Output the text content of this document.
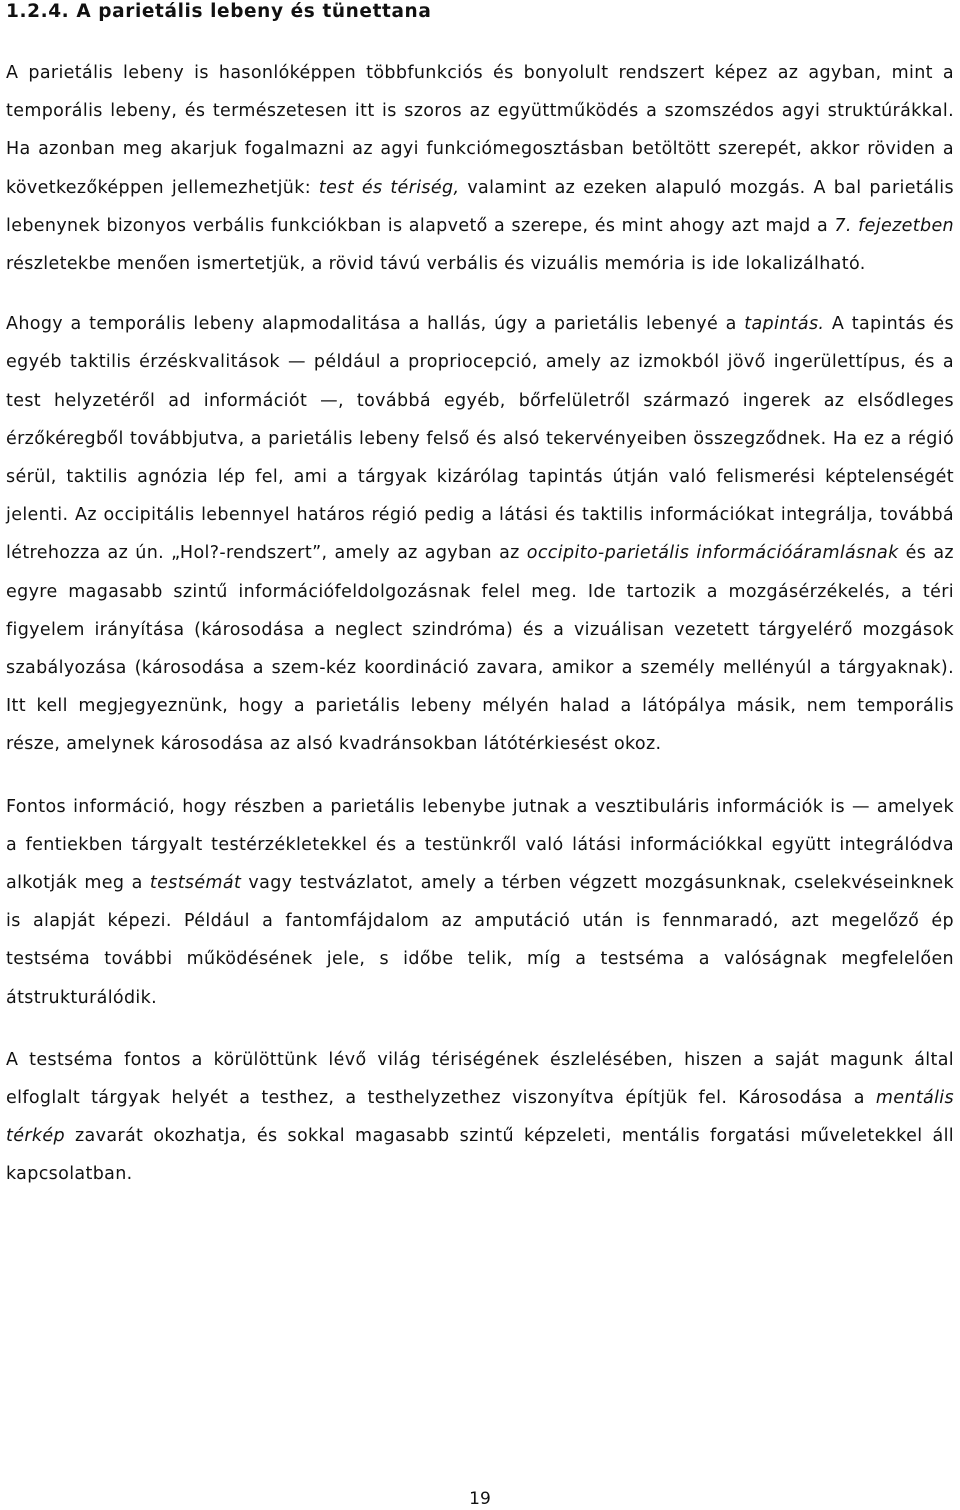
1.2.4. A parietális lebeny és tünettana

A parietális lebeny is hasonlóképpen többfunkciós és bonyolult rendszert képez az agyban, mint a temporális lebeny, és természetesen itt is szoros az együttműködés a szomszédos agyi struktúrákkal. Ha azonban meg akarjuk fogalmazni az agyi funkciómegosztásban betöltött szerepét, akkor röviden a következőképpen jellemezhetjük: test és tériség, valamint az ezeken alapuló mozgás. A bal parietális lebenynek bizonyos verbális funkciókban is alapvető a szerepe, és mint ahogy azt majd a 7. fejezetben részletekbe menően ismertetjük, a rövid távú verbális és vizuális memória is ide lokalizálható.

Ahogy a temporális lebeny alapmodalitása a hallás, úgy a parietális lebenyé a tapintás. A tapintás és egyéb taktilis érzéskvalitások — például a propriocepció, amely az izmokból jövő ingerülettípus, és a test helyzetéről ad információt —, továbbá egyéb, bőrfelületről származó ingerek az elsődleges érzőkéregből továbbjutva, a parietális lebeny felső és alsó tekervényeiben összegződnek. Ha ez a régió sérül, taktilis agnózia lép fel, ami a tárgyak kizárólag tapintás útján való felismerési képtelenségét jelenti. Az occipitális lebennyel határos régió pedig a látási és taktilis információkat integrálja, továbbá létrehozza az ún. „Hol?-rendszert”, amely az agyban az occipito-parietális információáramlásnak és az egyre magasabb szintű információfeldolgozásnak felel meg. Ide tartozik a mozgásérzékelés, a téri figyelem irányítása (károsodása a neglect szindróma) és a vizuálisan vezetett tárgyelérő mozgások szabályozása (károsodása a szem-kéz koordináció zavara, amikor a személy mellényúl a tárgyaknak). Itt kell megjegyeznünk, hogy a parietális lebeny mélyén halad a látópálya másik, nem temporális része, amelynek károsodása az alsó kvadránsokban látótérkiesést okoz.

Fontos információ, hogy részben a parietális lebenybe jutnak a vesztibuláris információk is — amelyek a fentiekben tárgyalt testérzékletekkel és a testünkről való látási információkkal együtt integrálódva alkotják meg a testsémát vagy testvázlatot, amely a térben végzett mozgásunknak, cselekvéseinknek is alapját képezi. Például a fantomfájdalom az amputáció után is fennmaradó, azt megelőző ép testséma további működésének jele, s időbe telik, míg a testséma a valóságnak megfelelően átstrukturálódik.

A testséma fontos a körülöttünk lévő világ tériségének észlelésében, hiszen a saját magunk által elfoglalt tárgyak helyét a testhez, a testhelyzethez viszonyítva építjük fel. Károsodása a mentális térkép zavarát okozhatja, és sokkal magasabb szintű képzeleti, mentális forgatási műveletekkel áll kapcsolatban.

19
